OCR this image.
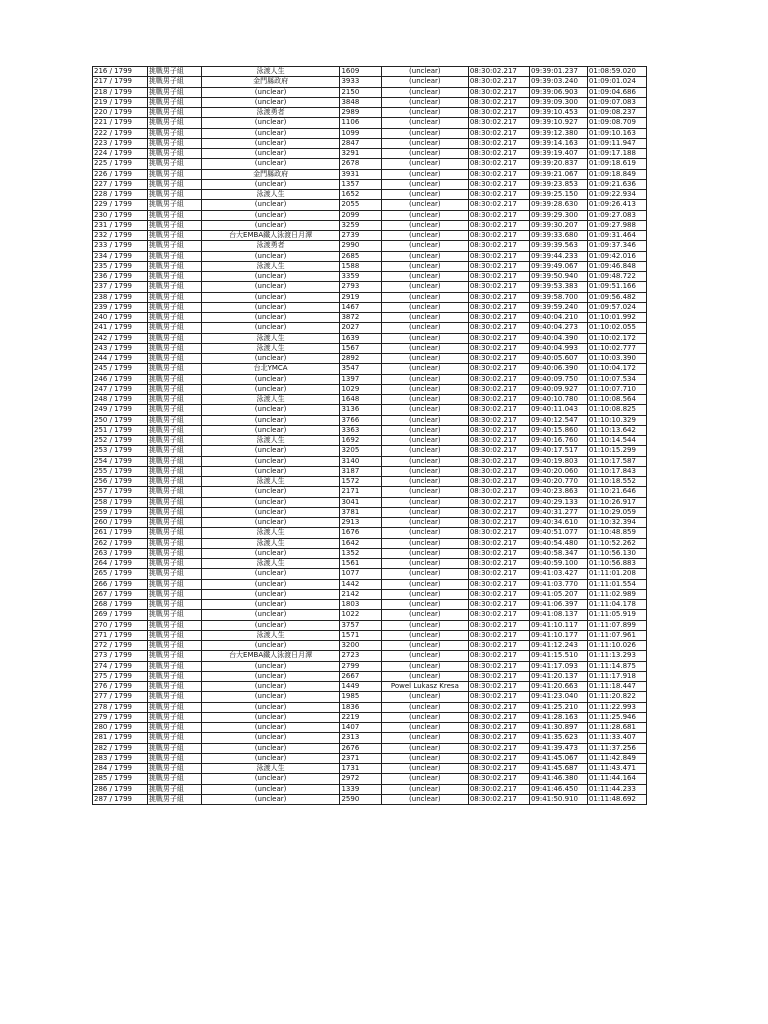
216 / 1799	挑戰男子組	泳渡人生	1609	(unclear)	08:30:02.217	09:39:01.237	01:08:59.020
217 / 1799	挑戰男子組	金門縣政府	3933	(unclear)	08:30:02.217	09:39:03.240	01:09:01.024
218 / 1799	挑戰男子組	(unclear)	2150	(unclear)	08:30:02.217	09:39:06.903	01:09:04.686
219 / 1799	挑戰男子組	(unclear)	3848	(unclear)	08:30:02.217	09:39:09.300	01:09:07.083
220 / 1799	挑戰男子組	泳渡勇者	2989	(unclear)	08:30:02.217	09:39:10.453	01:09:08.237
221 / 1799	挑戰男子組	(unclear)	1106	(unclear)	08:30:02.217	09:39:10.927	01:09:08.709
222 / 1799	挑戰男子組	(unclear)	1099	(unclear)	08:30:02.217	09:39:12.380	01:09:10.163
223 / 1799	挑戰男子組	(unclear)	2847	(unclear)	08:30:02.217	09:39:14.163	01:09:11.947
224 / 1799	挑戰男子組	(unclear)	3291	(unclear)	08:30:02.217	09:39:19.407	01:09:17.188
225 / 1799	挑戰男子組	(unclear)	2678	(unclear)	08:30:02.217	09:39:20.837	01:09:18.619
226 / 1799	挑戰男子組	金門縣政府	3931	(unclear)	08:30:02.217	09:39:21.067	01:09:18.849
227 / 1799	挑戰男子組	(unclear)	1357	(unclear)	08:30:02.217	09:39:23.853	01:09:21.636
228 / 1799	挑戰男子組	泳渡人生	1652	(unclear)	08:30:02.217	09:39:25.150	01:09:22.934
229 / 1799	挑戰男子組	(unclear)	2055	(unclear)	08:30:02.217	09:39:28.630	01:09:26.413
230 / 1799	挑戰男子組	(unclear)	2099	(unclear)	08:30:02.217	09:39:29.300	01:09:27.083
231 / 1799	挑戰男子組	(unclear)	3259	(unclear)	08:30:02.217	09:39:30.207	01:09:27.988
232 / 1799	挑戰男子組	台大EMBA鐵人泳渡日月潭	2739	(unclear)	08:30:02.217	09:39:33.680	01:09:31.464
233 / 1799	挑戰男子組	泳渡勇者	2990	(unclear)	08:30:02.217	09:39:39.563	01:09:37.346
234 / 1799	挑戰男子組	(unclear)	2685	(unclear)	08:30:02.217	09:39:44.233	01:09:42.016
235 / 1799	挑戰男子組	泳渡人生	1588	(unclear)	08:30:02.217	09:39:49.067	01:09:46.848
236 / 1799	挑戰男子組	(unclear)	3359	(unclear)	08:30:02.217	09:39:50.940	01:09:48.722
237 / 1799	挑戰男子組	(unclear)	2793	(unclear)	08:30:02.217	09:39:53.383	01:09:51.166
238 / 1799	挑戰男子組	(unclear)	2919	(unclear)	08:30:02.217	09:39:58.700	01:09:56.482
239 / 1799	挑戰男子組	(unclear)	1467	(unclear)	08:30:02.217	09:39:59.240	01:09:57.024
240 / 1799	挑戰男子組	(unclear)	3872	(unclear)	08:30:02.217	09:40:04.210	01:10:01.992
241 / 1799	挑戰男子組	(unclear)	2027	(unclear)	08:30:02.217	09:40:04.273	01:10:02.055
242 / 1799	挑戰男子組	泳渡人生	1639	(unclear)	08:30:02.217	09:40:04.390	01:10:02.172
243 / 1799	挑戰男子組	泳渡人生	1567	(unclear)	08:30:02.217	09:40:04.993	01:10:02.777
244 / 1799	挑戰男子組	(unclear)	2892	(unclear)	08:30:02.217	09:40:05.607	01:10:03.390
245 / 1799	挑戰男子組	台北YMCA	3547	(unclear)	08:30:02.217	09:40:06.390	01:10:04.172
246 / 1799	挑戰男子組	(unclear)	1397	(unclear)	08:30:02.217	09:40:09.750	01:10:07.534
247 / 1799	挑戰男子組	(unclear)	1029	(unclear)	08:30:02.217	09:40:09.927	01:10:07.710
248 / 1799	挑戰男子組	泳渡人生	1648	(unclear)	08:30:02.217	09:40:10.780	01:10:08.564
249 / 1799	挑戰男子組	(unclear)	3136	(unclear)	08:30:02.217	09:40:11.043	01:10:08.825
250 / 1799	挑戰男子組	(unclear)	3766	(unclear)	08:30:02.217	09:40:12.547	01:10:10.329
251 / 1799	挑戰男子組	(unclear)	3363	(unclear)	08:30:02.217	09:40:15.860	01:10:13.642
252 / 1799	挑戰男子組	泳渡人生	1692	(unclear)	08:30:02.217	09:40:16.760	01:10:14.544
253 / 1799	挑戰男子組	(unclear)	3205	(unclear)	08:30:02.217	09:40:17.517	01:10:15.299
254 / 1799	挑戰男子組	(unclear)	3140	(unclear)	08:30:02.217	09:40:19.803	01:10:17.587
255 / 1799	挑戰男子組	(unclear)	3187	(unclear)	08:30:02.217	09:40:20.060	01:10:17.843
256 / 1799	挑戰男子組	泳渡人生	1572	(unclear)	08:30:02.217	09:40:20.770	01:10:18.552
257 / 1799	挑戰男子組	(unclear)	2171	(unclear)	08:30:02.217	09:40:23.863	01:10:21.646
258 / 1799	挑戰男子組	(unclear)	3041	(unclear)	08:30:02.217	09:40:29.133	01:10:26.917
259 / 1799	挑戰男子組	(unclear)	3781	(unclear)	08:30:02.217	09:40:31.277	01:10:29.059
260 / 1799	挑戰男子組	(unclear)	2913	(unclear)	08:30:02.217	09:40:34.610	01:10:32.394
261 / 1799	挑戰男子組	泳渡人生	1676	(unclear)	08:30:02.217	09:40:51.077	01:10:48.859
262 / 1799	挑戰男子組	泳渡人生	1642	(unclear)	08:30:02.217	09:40:54.480	01:10:52.262
263 / 1799	挑戰男子組	(unclear)	1352	(unclear)	08:30:02.217	09:40:58.347	01:10:56.130
264 / 1799	挑戰男子組	泳渡人生	1561	(unclear)	08:30:02.217	09:40:59.100	01:10:56.883
265 / 1799	挑戰男子組	(unclear)	1077	(unclear)	08:30:02.217	09:41:03.427	01:11:01.208
266 / 1799	挑戰男子組	(unclear)	1442	(unclear)	08:30:02.217	09:41:03.770	01:11:01.554
267 / 1799	挑戰男子組	(unclear)	2142	(unclear)	08:30:02.217	09:41:05.207	01:11:02.989
268 / 1799	挑戰男子組	(unclear)	1803	(unclear)	08:30:02.217	09:41:06.397	01:11:04.178
269 / 1799	挑戰男子組	(unclear)	1022	(unclear)	08:30:02.217	09:41:08.137	01:11:05.919
270 / 1799	挑戰男子組	(unclear)	3757	(unclear)	08:30:02.217	09:41:10.117	01:11:07.899
271 / 1799	挑戰男子組	泳渡人生	1571	(unclear)	08:30:02.217	09:41:10.177	01:11:07.961
272 / 1799	挑戰男子組	(unclear)	3200	(unclear)	08:30:02.217	09:41:12.243	01:11:10.026
273 / 1799	挑戰男子組	台大EMBA鐵人泳渡日月潭	2723	(unclear)	08:30:02.217	09:41:15.510	01:11:13.293
274 / 1799	挑戰男子組	(unclear)	2799	(unclear)	08:30:02.217	09:41:17.093	01:11:14.875
275 / 1799	挑戰男子組	(unclear)	2667	(unclear)	08:30:02.217	09:41:20.137	01:11:17.918
276 / 1799	挑戰男子組	(unclear)	1449	Powel Lukasz Kresa	08:30:02.217	09:41:20.663	01:11:18.447
277 / 1799	挑戰男子組	(unclear)	1985	(unclear)	08:30:02.217	09:41:23.040	01:11:20.822
278 / 1799	挑戰男子組	(unclear)	1836	(unclear)	08:30:02.217	09:41:25.210	01:11:22.993
279 / 1799	挑戰男子組	(unclear)	2219	(unclear)	08:30:02.217	09:41:28.163	01:11:25.946
280 / 1799	挑戰男子組	(unclear)	1407	(unclear)	08:30:02.217	09:41:30.897	01:11:28.681
281 / 1799	挑戰男子組	(unclear)	2313	(unclear)	08:30:02.217	09:41:35.623	01:11:33.407
282 / 1799	挑戰男子組	(unclear)	2676	(unclear)	08:30:02.217	09:41:39.473	01:11:37.256
283 / 1799	挑戰男子組	(unclear)	2371	(unclear)	08:30:02.217	09:41:45.067	01:11:42.849
284 / 1799	挑戰男子組	泳渡人生	1731	(unclear)	08:30:02.217	09:41:45.687	01:11:43.471
285 / 1799	挑戰男子組	(unclear)	2972	(unclear)	08:30:02.217	09:41:46.380	01:11:44.164
286 / 1799	挑戰男子組	(unclear)	1339	(unclear)	08:30:02.217	09:41:46.450	01:11:44.233
287 / 1799	挑戰男子組	(unclear)	2590	(unclear)	08:30:02.217	09:41:50.910	01:11:48.692
